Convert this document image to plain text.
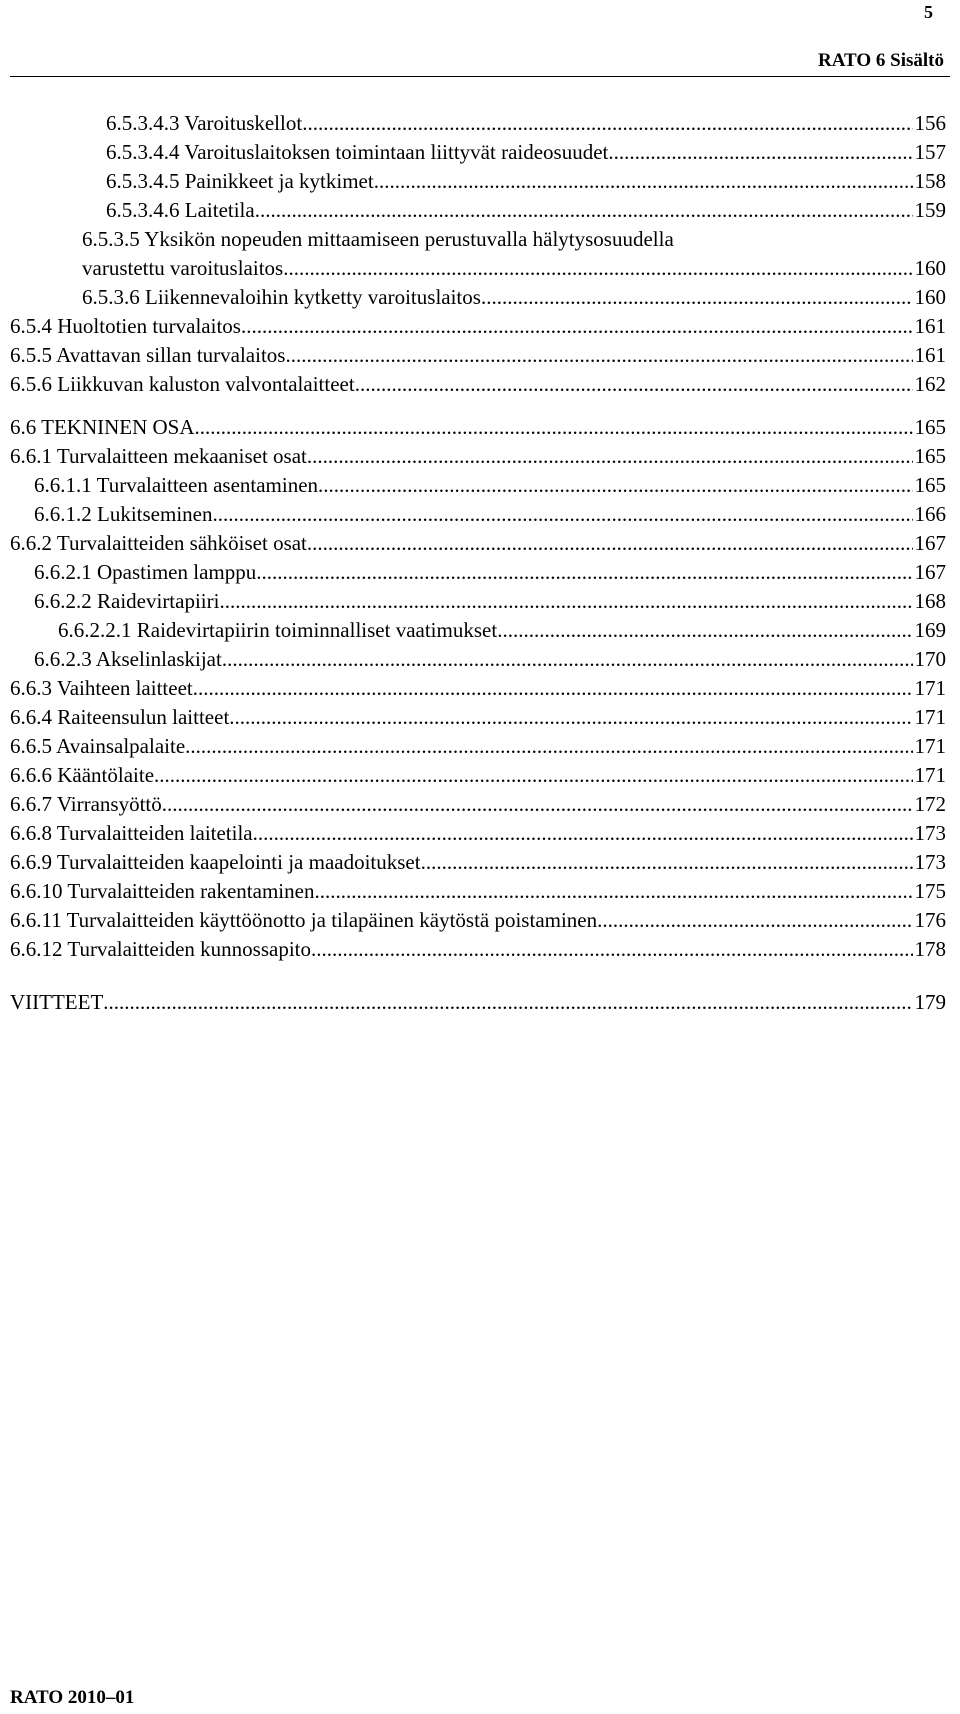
5
RATO 6 Sisältö
6.5.3.4.3 Varoituskellot .....	156
6.5.3.4.4 Varoituslaitoksen toimintaan liittyvät raideosuudet .....	157
6.5.3.4.5 Painikkeet ja kytkimet .....	158
6.5.3.4.6 Laitetila .....	159
6.5.3.5 Yksikön nopeuden mittaamiseen perustuvalla hälytysosuudella
varustettu varoituslaitos .....	160
6.5.3.6 Liikennevaloihin kytketty varoituslaitos .....	160
6.5.4 Huoltotien turvalaitos .....	161
6.5.5 Avattavan sillan turvalaitos .....	161
6.5.6 Liikkuvan kaluston valvontalaitteet .....	162
6.6 TEKNINEN OSA .....	165
6.6.1 Turvalaitteen mekaaniset osat .....	165
6.6.1.1 Turvalaitteen asentaminen .....	165
6.6.1.2 Lukitseminen .....	166
6.6.2 Turvalaitteiden sähköiset osat .....	167
6.6.2.1 Opastimen lamppu .....	167
6.6.2.2 Raidevirtapiiri .....	168
6.6.2.2.1 Raidevirtapiirin toiminnalliset vaatimukset .....	169
6.6.2.3 Akselinlaskijat .....	170
6.6.3 Vaihteen laitteet .....	171
6.6.4 Raiteensulun laitteet .....	171
6.6.5 Avainsalpalaite .....	171
6.6.6 Kääntölaite .....	171
6.6.7 Virransyöttö .....	172
6.6.8 Turvalaitteiden laitetila .....	173
6.6.9 Turvalaitteiden kaapelointi ja maadoitukset .....	173
6.6.10 Turvalaitteiden rakentaminen .....	175
6.6.11 Turvalaitteiden käyttöönotto ja tilapäinen käytöstä poistaminen .....	176
6.6.12 Turvalaitteiden kunnossapito .....	178
VIITTEET .....	179
RATO 2010–01
